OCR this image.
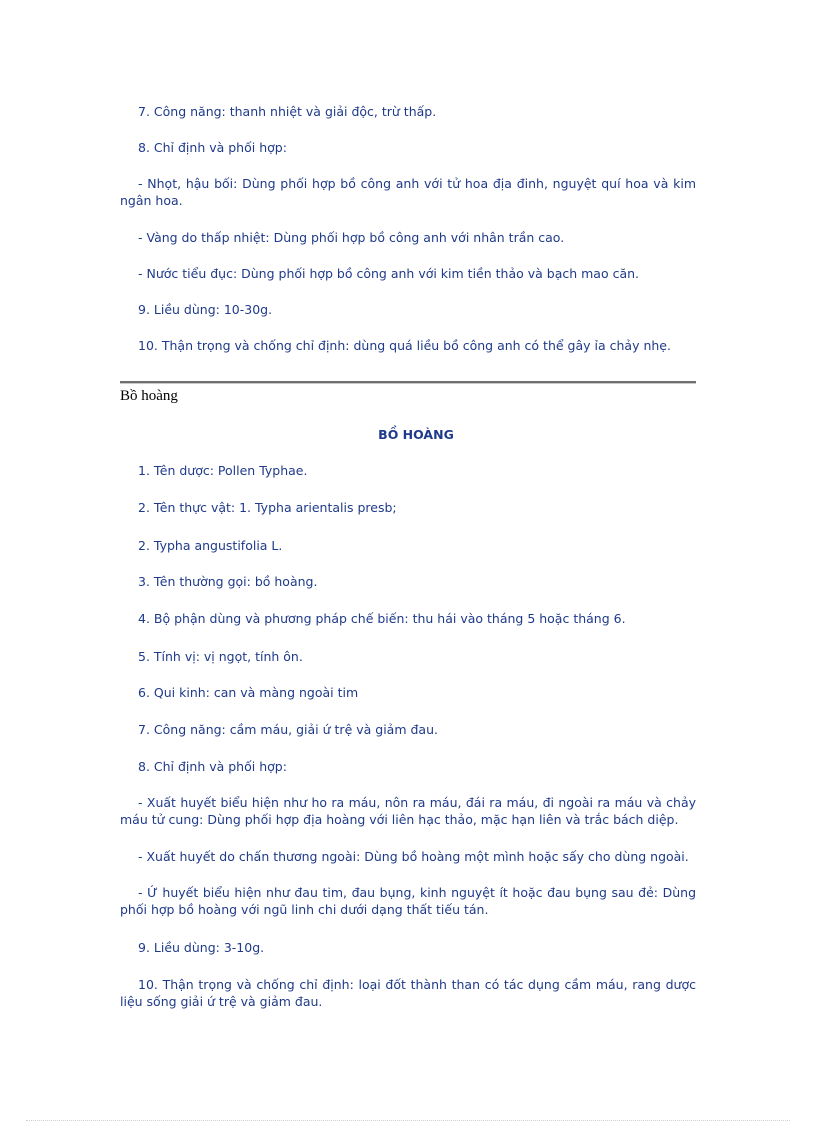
7. Công năng: thanh nhiệt và giải độc, trừ thấp.

8. Chỉ định và phối hợp:

- Nhọt, hậu bối: Dùng phối hợp bồ công anh với tử hoa địa đinh, nguyệt quí hoa và kim ngân hoa.

- Vàng do thấp nhiệt: Dùng phối hợp bồ công anh với nhân trần cao.

- Nước tiểu đục: Dùng phối hợp bồ công anh với kim tiền thảo và bạch mao căn.

9. Liều dùng: 10-30g.

10. Thận trọng và chống chỉ định: dùng quá liều bồ công anh có thể gây ỉa chảy nhẹ.

Bồ hoàng
BỒ HOÀNG

1. Tên dược: Pollen Typhae.

2. Tên thực vật: 1. Typha arientalis presb;

2. Typha angustifolia L.

3. Tên thường gọi: bồ hoàng.

4. Bộ phận dùng và phương pháp chế biến: thu hái vào tháng 5 hoặc tháng 6.

5. Tính vị: vị ngọt, tính ôn.

6. Qui kinh: can và màng ngoài tim

7. Công năng: cầm máu, giải ứ trệ và giảm đau.

8. Chỉ định và phối hợp:

- Xuất huyết biểu hiện như ho ra máu, nôn ra máu, đái ra máu, đi ngoài ra máu và chảy máu tử cung: Dùng phối hợp địa hoàng với liên hạc thảo, mặc hạn liên và trắc bách diệp.

- Xuất huyết do chấn thương ngoài: Dùng bồ hoàng một mình hoặc sấy cho dùng ngoài.

- Ứ huyết biểu hiện như đau tim, đau bụng, kinh nguyệt ít hoặc đau bụng sau đẻ: Dùng phối hợp bồ hoàng với ngũ linh chi dưới dạng thất tiếu tán.

9. Liều dùng: 3-10g.

10. Thận trọng và chống chỉ định: loại đốt thành than có tác dụng cầm máu, rang dược liệu sống giải ứ trệ và giảm đau.
